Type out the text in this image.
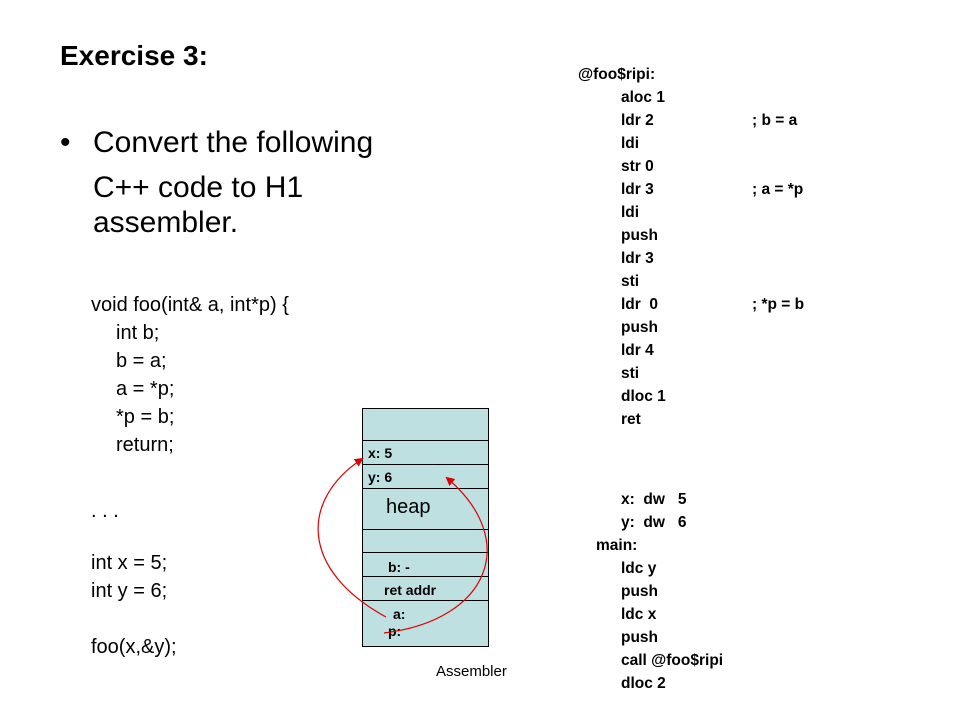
Exercise 3:
• Convert the following
C++ code to H1
assembler.
void foo(int& a, int*p) {
int b;
b = a;
a = *p;
*p = b;
return;
. . .
int x = 5;
int y = 6;
foo(x,&y);
@foo$ripi:
aloc 1
ldr 2	; b = a
ldi
str 0
ldr 3	; a = *p
ldi
push
ldr 3
sti
ldr  0	; *p = b
push
ldr 4
sti
dloc 1
ret
x:  dw   5
y:  dw   6
main:
ldc y
push
ldc x
push
call @foo$ripi
dloc 2
x: 5
y: 6
heap
b: -
ret addr
a:
p:
Assembler
